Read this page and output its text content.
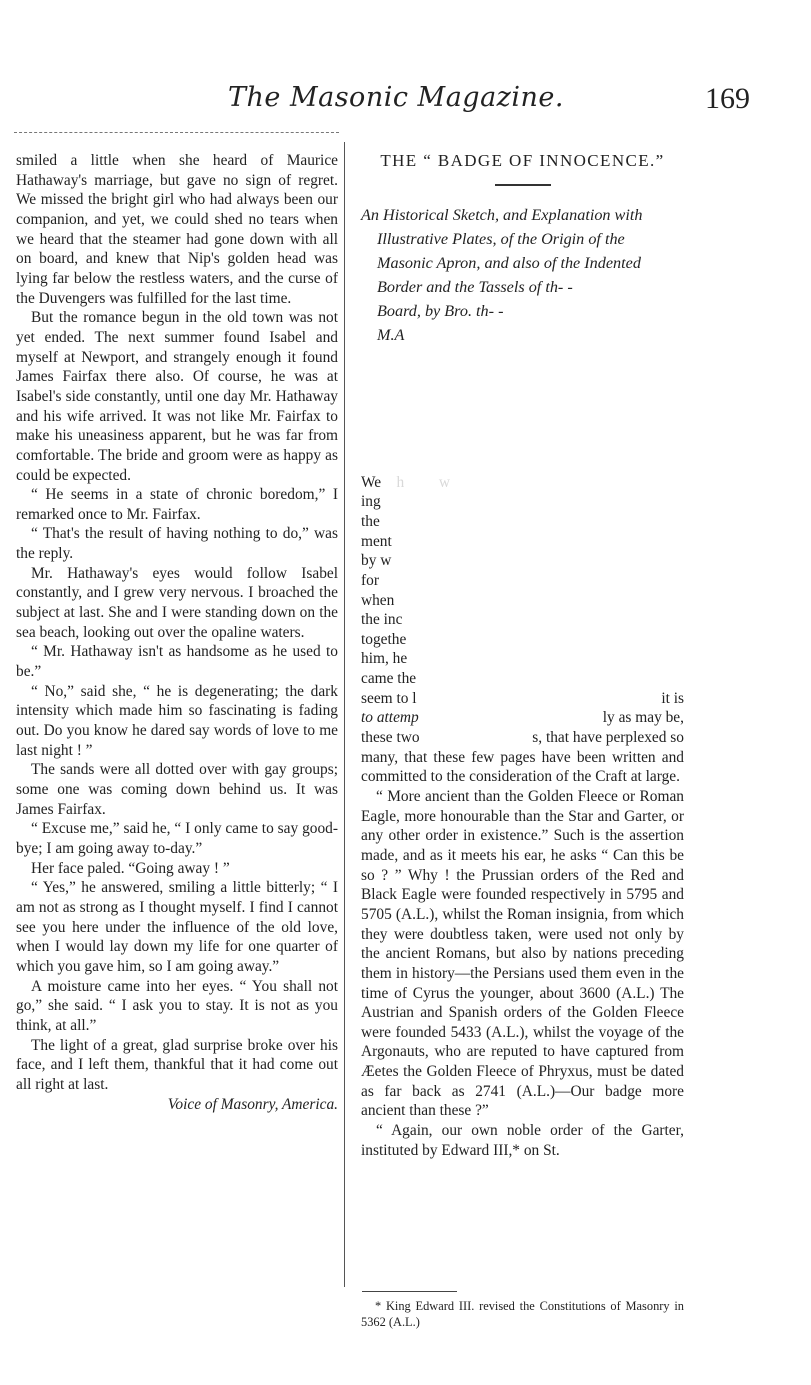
The Masonic Magazine.	169

smiled a little when she heard of Maurice Hathaway's marriage, but gave no sign of regret. We missed the bright girl who had always been our companion, and yet, we could shed no tears when we heard that the steamer had gone down with all on board, and knew that Nip's golden head was lying far below the restless waters, and the curse of the Duvengers was fulfilled for the last time.

But the romance begun in the old town was not yet ended. The next summer found Isabel and myself at Newport, and strangely enough it found James Fairfax there also. Of course, he was at Isabel's side constantly, until one day Mr. Hathaway and his wife arrived. It was not like Mr. Fairfax to make his uneasiness apparent, but he was far from comfortable. The bride and groom were as happy as could be expected.

“ He seems in a state of chronic boredom,” I remarked once to Mr. Fairfax.

“ That's the result of having nothing to do,” was the reply.

Mr. Hathaway's eyes would follow Isabel constantly, and I grew very nervous. I broached the subject at last. She and I were standing down on the sea beach, looking out over the opaline waters.

“ Mr. Hathaway isn't as handsome as he used to be.”

“ No,” said she, “ he is degenerating; the dark intensity which made him so fascinating is fading out. Do you know he dared say words of love to me last night ! ”

The sands were all dotted over with gay groups; some one was coming down behind us. It was James Fairfax.

“ Excuse me,” said he, “ I only came to say good-bye; I am going away to-day.”

Her face paled. “Going away ! ”

“ Yes,” he answered, smiling a little bitterly; “ I am not as strong as I thought myself. I find I cannot see you here under the influence of the old love, when I would lay down my life for one quarter of which you gave him, so I am going away.”

A moisture came into her eyes. “ You shall not go,” she said. “ I ask you to stay. It is not as you think, at all.”

The light of a great, glad surprise broke over his face, and I left them, thankful that it had come out all right at last.

Voice of Masonry, America.

THE “ BADGE OF INNOCENCE.”

An Historical Sketch, and Explanation with

Illustrative Plates, of the Origin of the

Masonic Apron, and also of the Indented

Border and the Tassels of th‑ ‑

Board, by Bro. th‑ ‑

M.A

We  h     w           

ing             

the          

ment          

by w       

for       

when       

the inc       

togethe       

him, he       

came the       

seem to l       	it is

to attemp     	ly as may be,

these two  	s, that have perplexed so

many, that these few pages have been written and committed to the consideration of the Craft at large.

“ More ancient than the Golden Fleece or Roman Eagle, more honourable than the Star and Garter, or any other order in existence.” Such is the assertion made, and as it meets his ear, he asks “ Can this be so ? ” Why ! the Prussian orders of the Red and Black Eagle were founded respectively in 5795 and 5705 (A.L.), whilst the Roman insignia, from which they were doubtless taken, were used not only by the ancient Romans, but also by nations preceding them in history—the Persians used them even in the time of Cyrus the younger, about 3600 (A.L.) The Austrian and Spanish orders of the Golden Fleece were founded 5433 (A.L.), whilst the voyage of the Argonauts, who are reputed to have captured from Æetes the Golden Fleece of Phryxus, must be dated as far back as 2741 (A.L.)—Our badge more ancient than these ?”

“ Again, our own noble order of the Garter, instituted by Edward III,* on St.

* King Edward III. revised the Constitutions of Masonry in 5362 (A.L.)
